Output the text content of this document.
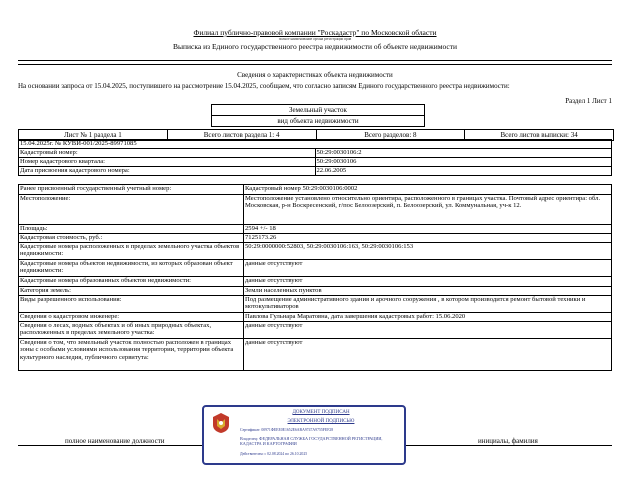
Филиал публично-правовой компании "Роскадастр" по Московской области
полное наименование органа регистрации прав
Выписка из Единого государственного реестра недвижимости об объекте недвижимости
Сведения о характеристиках объекта недвижимости
На основании запроса от 15.04.2025, поступившего на рассмотрение 15.04.2025, сообщаем, что согласно записям Единого государственного реестра недвижимости:
Раздел 1 Лист 1
Земельный участок
вид объекта недвижимости
Лист № 1 раздела 1	Всего листов раздела 1: 4	Всего разделов: 8	Всего листов выписки: 34
15.04.2025г. № КУВИ-001/2025-89971085	
Кадастровый номер:	50:29:0030106:2
Номер кадастрового квартала:	50:29:0030106
Дата присвоения кадастрового номера:	22.06.2005
Ранее присвоенный государственный учетный номер:	Кадастровый номер 50:29:0030106:0002
Местоположение:	Местоположение установлено относительно ориентира, расположенного в границах участка. Почтовый адрес ориентира: обл. Московская, р-н Воскресенский, г/пос Белоозерский, п. Белоозерский, ул. Коммунальная, уч-к 12.
Площадь:	2594 +/- 18
Кадастровая стоимость, руб.:	7125173.26
Кадастровые номера расположенных в пределах земельного участка объектов недвижимости:	50:29:0000000:52803, 50:29:0030106:163, 50:29:0030106:153
Кадастровые номера объектов недвижимости, из которых образован объект недвижимости:	данные отсутствуют
Кадастровые номера образованных объектов недвижимости:	данные отсутствуют
Категория земель:	Земли населенных пунктов
Виды разрешенного использования:	Под размещение административного здания и арочного сооружения , в котором производится ремонт бытовой техники и мотокультиваторов
Сведения о кадастровом инженере:	Павлова Гульнара Маратовна, дата завершения кадастровых работ: 15.06.2020
Сведения о лесах, водных объектах и об иных природных объектах, расположенных в пределах земельного участка:	данные отсутствуют
Сведения о том, что земельный участок полностью расположен в границах зоны с особыми условиями использования территории, территории объекта культурного наследия, публичного сервитута:	данные отсутствуют
полное наименование должности	инициалы, фамилия
ДОКУМЕНТ ПОДПИСАН
ЭЛЕКТРОННОЙ ПОДПИСЬЮ
Сертификат: 00971ФЕЕЕ0Е1652E6ABA9747A9755FEF28
Владелец: ФЕДЕРАЛЬНАЯ СЛУЖБА ГОСУДАРСТВЕННОЙ РЕГИСТРАЦИИ, КАДАСТРА И КАРТОГРАФИИ
Действителен: с 02.08.2024 по 26.10.2025
